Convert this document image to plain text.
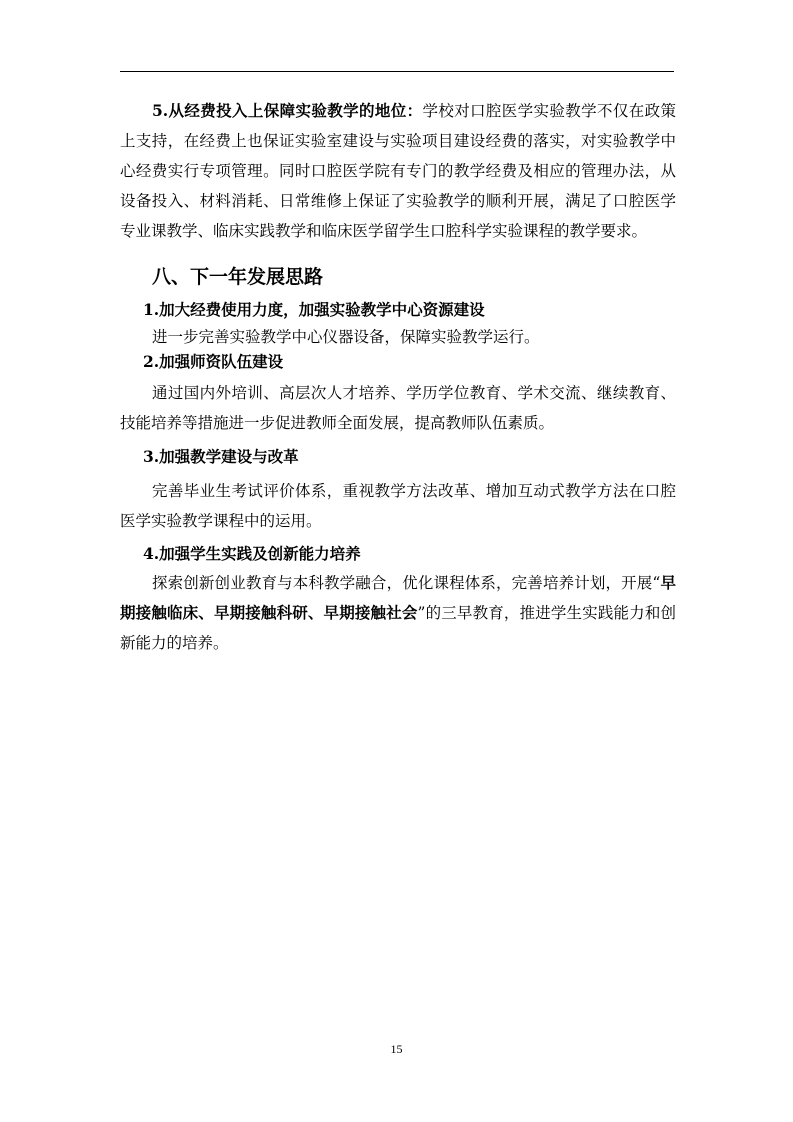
5.从经费投入上保障实验教学的地位：学校对口腔医学实验教学不仅在政策上支持，在经费上也保证实验室建设与实验项目建设经费的落实，对实验教学中心经费实行专项管理。同时口腔医学院有专门的教学经费及相应的管理办法，从设备投入、材料消耗、日常维修上保证了实验教学的顺利开展，满足了口腔医学专业课教学、临床实践教学和临床医学留学生口腔科学实验课程的教学要求。

八、下一年发展思路

1.加大经费使用力度，加强实验教学中心资源建设

进一步完善实验教学中心仪器设备，保障实验教学运行。

2.加强师资队伍建设

通过国内外培训、高层次人才培养、学历学位教育、学术交流、继续教育、技能培养等措施进一步促进教师全面发展，提高教师队伍素质。

3.加强教学建设与改革

完善毕业生考试评价体系，重视教学方法改革、增加互动式教学方法在口腔医学实验教学课程中的运用。

4.加强学生实践及创新能力培养

探索创新创业教育与本科教学融合，优化课程体系，完善培养计划，开展“早期接触临床、早期接触科研、早期接触社会”的三早教育，推进学生实践能力和创新能力的培养。

15
